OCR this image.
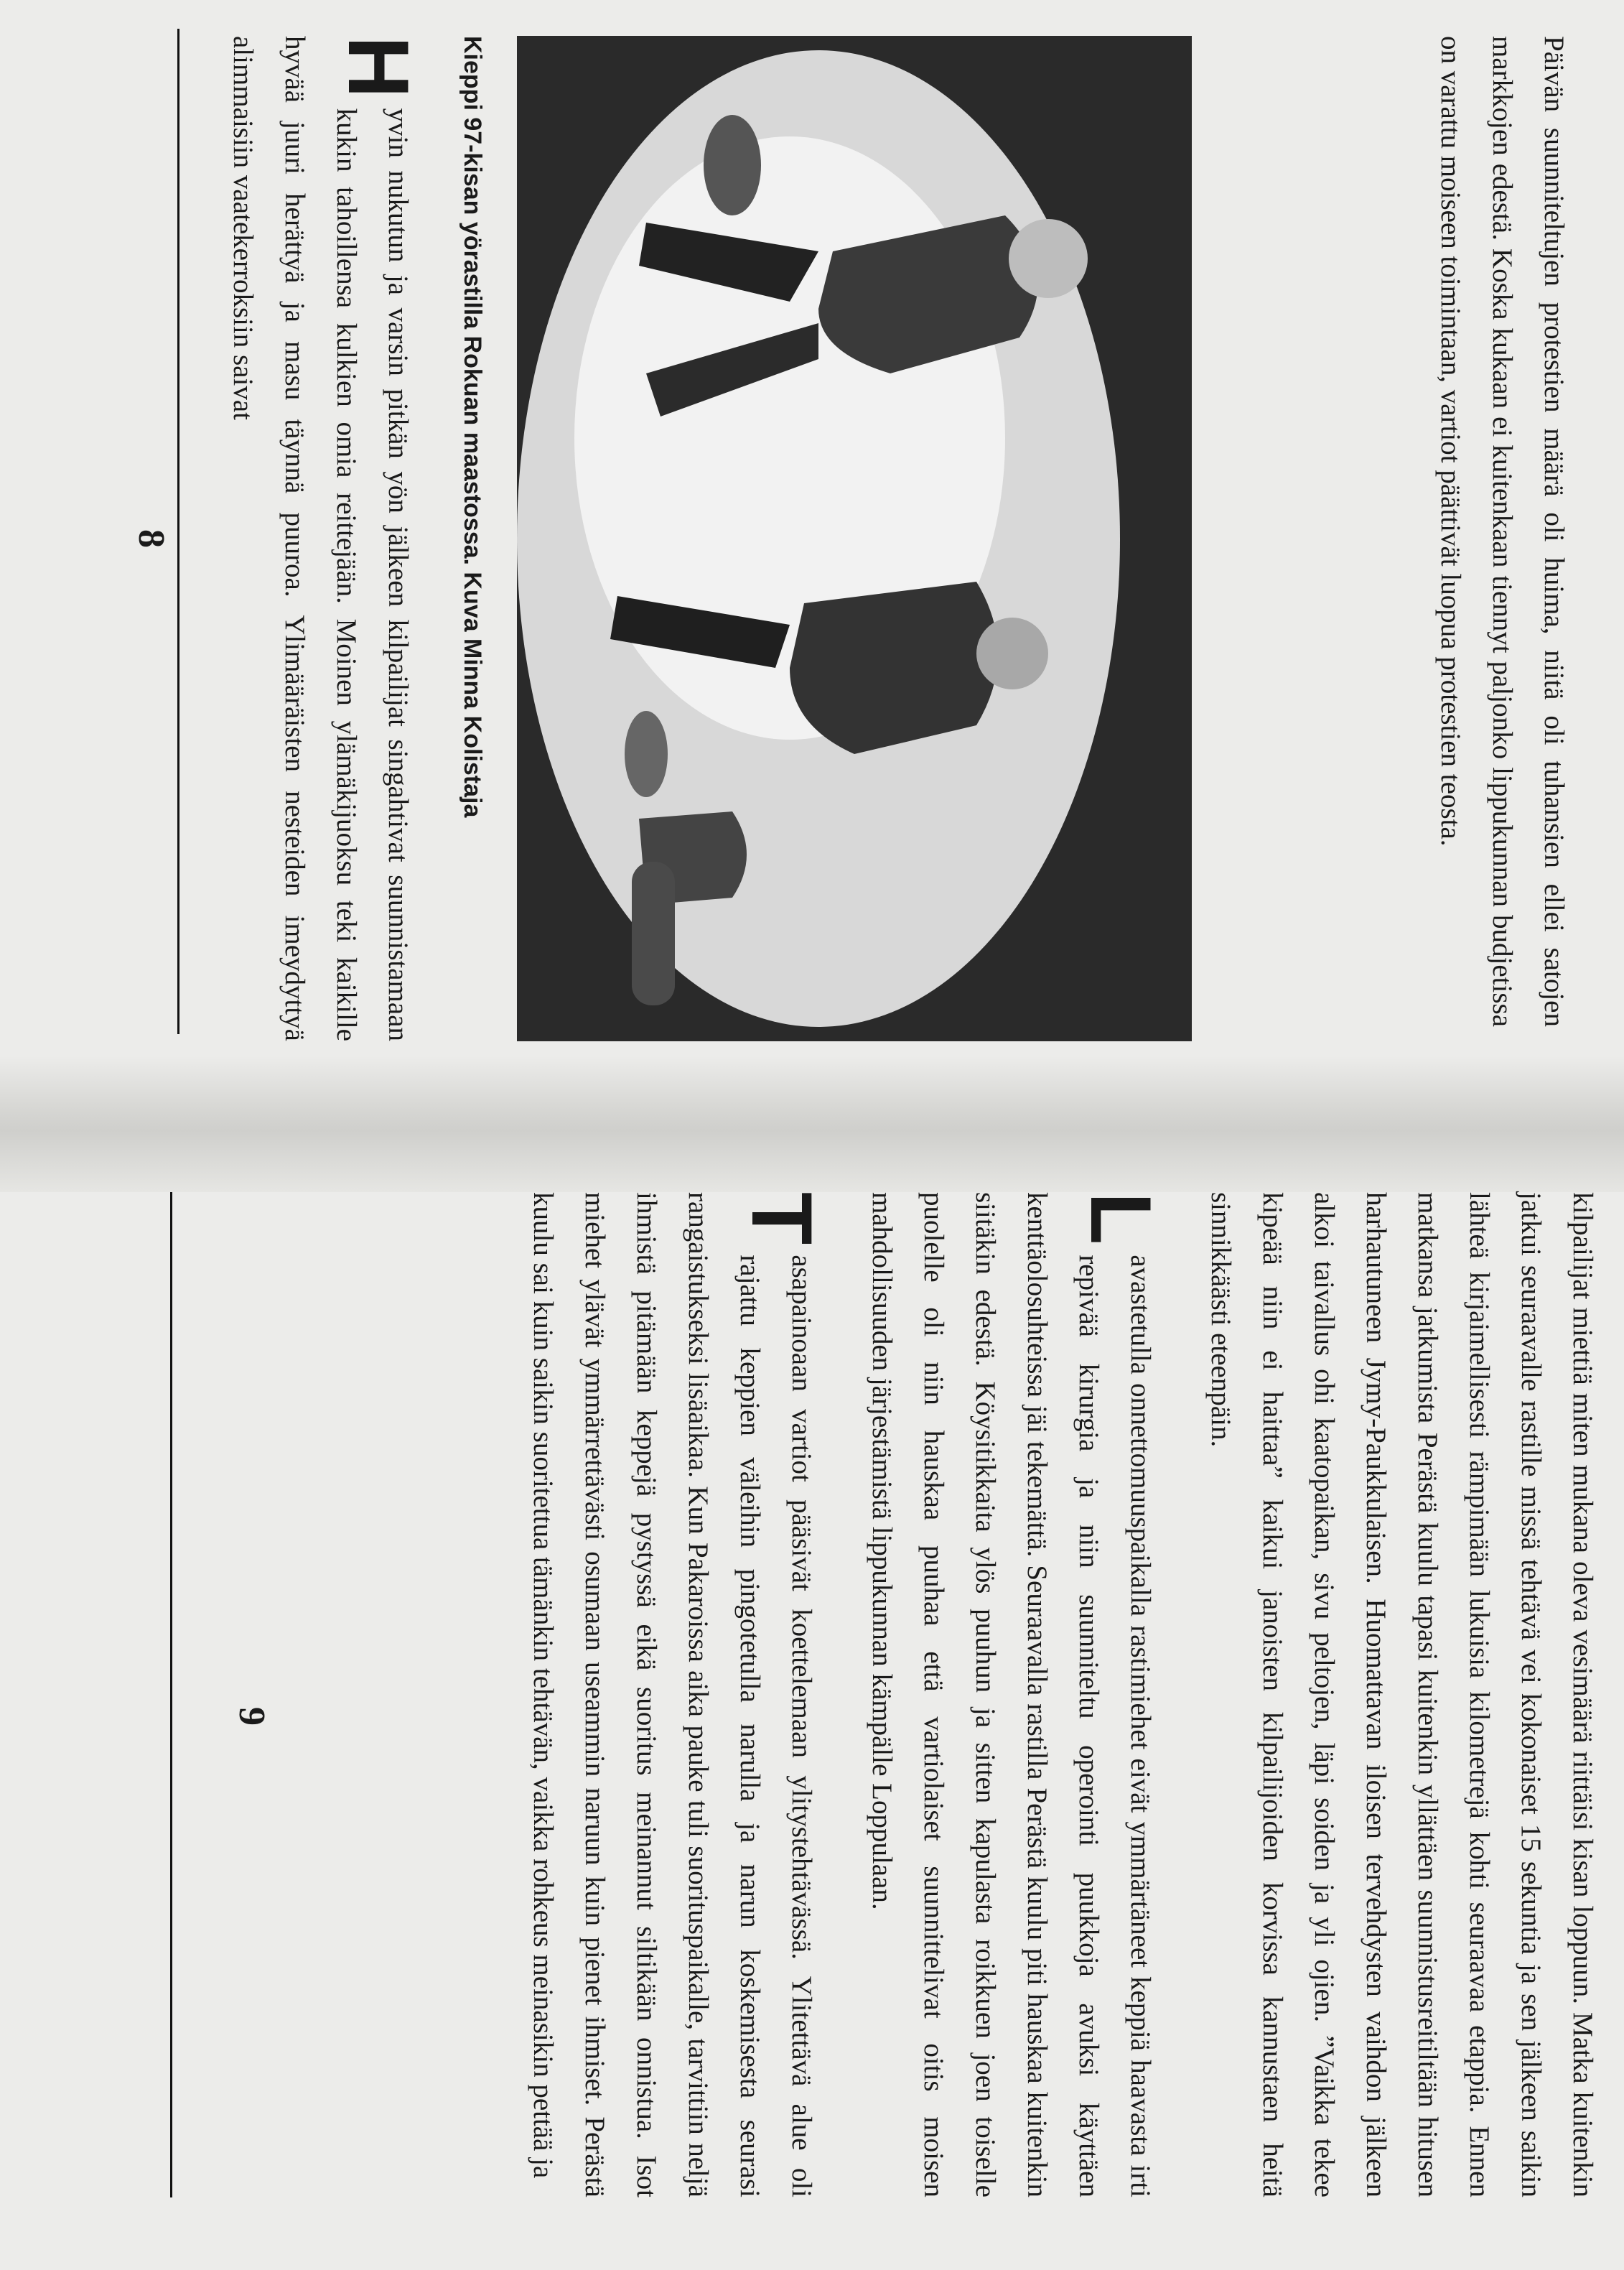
Päivän suunniteltujen protestien määrä oli huima, niitä oli tuhansien ellei satojen markkojen edestä. Koska kukaan ei kuitenkaan tiennyt paljonko lippukunnan budjetissa on varattu moiseen toimintaan, vartiot päättivät luopua protestien teosta.

Kieppi 97-kisan yörastilla Rokuan maastossa. Kuva Minna Kolistaja

H
yvin nukutun ja varsin pitkän yön jälkeen kilpailijat singahtivat suunnistamaan kukin tahoillensa kulkien omia reittejään. Moinen ylämäkijuoksu teki kaikille hyvää juuri herättyä ja masu täynnä puuroa. Ylimääräisten nesteiden imeydyttyä alimmaisiin vaatekerroksiin saivat

8
9	kilpailijat miettiä miten mukana oleva vesimäärä riittäisi kisan loppuun. Matka kuitenkin jatkui seuraavalle rastille missä tehtävä vei kokonaiset 15 sekuntia ja sen jälkeen saikin lähteä kirjaimellisesti rämpimään lukuisia kilometrejä kohti seuraavaa etappia. Ennen matkansa jatkumista Perästä kuulu tapasi kuitenkin yllättäen suunnistusreitiltään hitusen harhautuneen Jymy-Paukkulaisen. Huomattavan iloisen tervehdysten vaihdon jälkeen alkoi taivallus ohi kaatopaikan, sivu peltojen, läpi soiden ja yli ojien. ”Vaikka tekee kipeää niin ei haittaa” kaikui janoisten kilpailijoiden korvissa kannustaen heitä sinnikkäästi eteenpäin.

L
avastetulla onnettomuuspaikalla rastimiehet eivät ymmärtäneet keppiä haavasta irti repivää kirurgia ja niin suunniteltu operointi puukkoja avuksi käyttäen kenttäolosuhteissa jäi tekemättä. Seuraavalla rastilla Perästä kuulu piti hauskaa kuitenkin siitäkin edestä. Köysitikkaita ylös puuhun ja sitten kapulasta roikkuen joen toiselle puolelle oli niin hauskaa puuhaa että vartiolaiset suunnittelivat oitis moisen mahdollisuuden järjestämistä lippukunnan kämpälle Loppulaan.

T
asapainoaan vartiot pääsivät koettelemaan ylitystehtävässä. Ylitettävä alue oli rajattu keppien väleihin pingotetulla narulla ja narun koskemisesta seurasi rangaistukseksi lisäaikaa. Kun Pakaroissa aika pauke tuli suorituspaikalle, tarvittiin neljä ihmistä pitämään keppejä pystyssä eikä suoritus meinannut siltikään onnistua. Isot miehet ylävät ymmärrettävästi osumaan useammin naruun kuin pienet ihmiset. Perästä kuulu sai kuin saikin suoritettua tämänkin tehtävän, vaikka rohkeus meinasikin pettää ja
